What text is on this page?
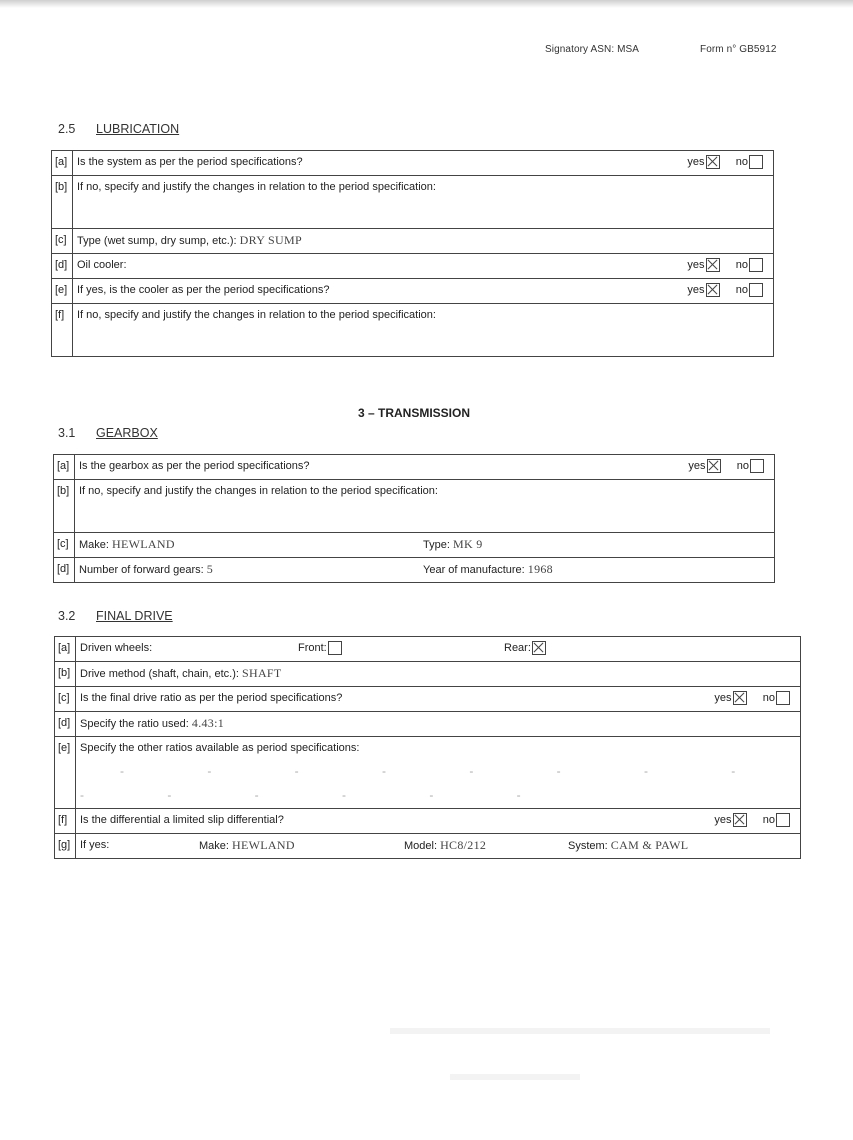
Signatory ASN: MSA	Form n° GB5912
2.5 LUBRICATION
[a]	Is the system as per the period specifications? yes no

[b]	If no, specify and justify the changes in relation to the period specification:
[c]	Type (wet sump, dry sump, etc.): DRY SUMP
[d]	Oil cooler: yes no

[e]	If yes, is the cooler as per the period specifications? yes no

[f]	If no, specify and justify the changes in relation to the period specification:
3 – TRANSMISSION
3.1 GEARBOX
[a]	Is the gearbox as per the period specifications? yes no	

[b]	If no, specify and justify the changes in relation to the period specification:	
[c]	Make: HEWLAND	Type: MK 9
[d]	Number of forward gears: 5	Year of manufacture: 1968
3.2 FINAL DRIVE
[a]	Driven wheels: Front: Rear:

[b]	Drive method (shaft, chain, etc.): SHAFT
[c]	Is the final drive ratio as per the period specifications? yes no

[d]	Specify the ratio used: 4.43:1
[e]	Specify the other ratios available as period specifications:
- - - - - - - - - - - - - -
[f]	Is the differential a limited slip differential? yes no

[g]	If yes: Make: HEWLAND Model: HC8/212 System: CAM & PAWL
